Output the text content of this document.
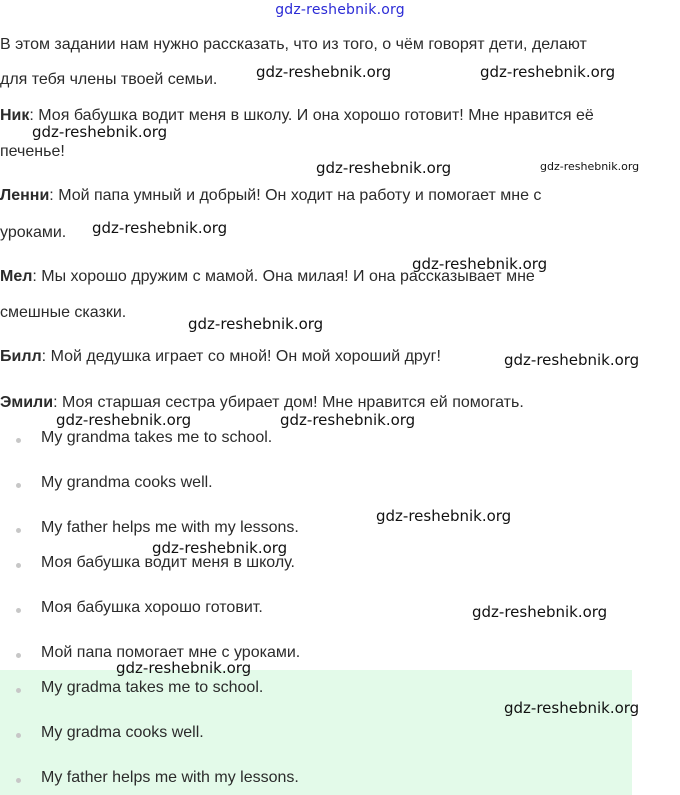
gdz-reshebnik.org
В этом задании нам нужно рассказать, что из того, о чём говорят дети, делают
для тебя члены твоей семьи.
Ник: Моя бабушка водит меня в школу. И она хорошо готовит! Мне нравится её
печенье!
Ленни: Мой папа умный и добрый! Он ходит на работу и помогает мне с
уроками.
Мел: Мы хорошо дружим с мамой. Она милая! И она рассказывает мне
смешные сказки.
Билл: Мой дедушка играет со мной! Он мой хороший друг!
Эмили: Моя старшая сестра убирает дом! Мне нравится ей помогать.
My grandma takes me to school.
My grandma cooks well.
My father helps me with my lessons.
Моя бабушка водит меня в школу.
Моя бабушка хорошо готовит.
Мой папа помогает мне с уроками.
My gradma takes me to school.
My gradma cooks well.
My father helps me with my lessons.
gdz-reshebnik.org	gdz-reshebnik.org
gdz-reshebnik.org
gdz-reshebnik.org	gdz-reshebnik.org
gdz-reshebnik.org
gdz-reshebnik.org
gdz-reshebnik.org
gdz-reshebnik.org
gdz-reshebnik.org	gdz-reshebnik.org
gdz-reshebnik.org
gdz-reshebnik.org
gdz-reshebnik.org
gdz-reshebnik.org
gdz-reshebnik.org
